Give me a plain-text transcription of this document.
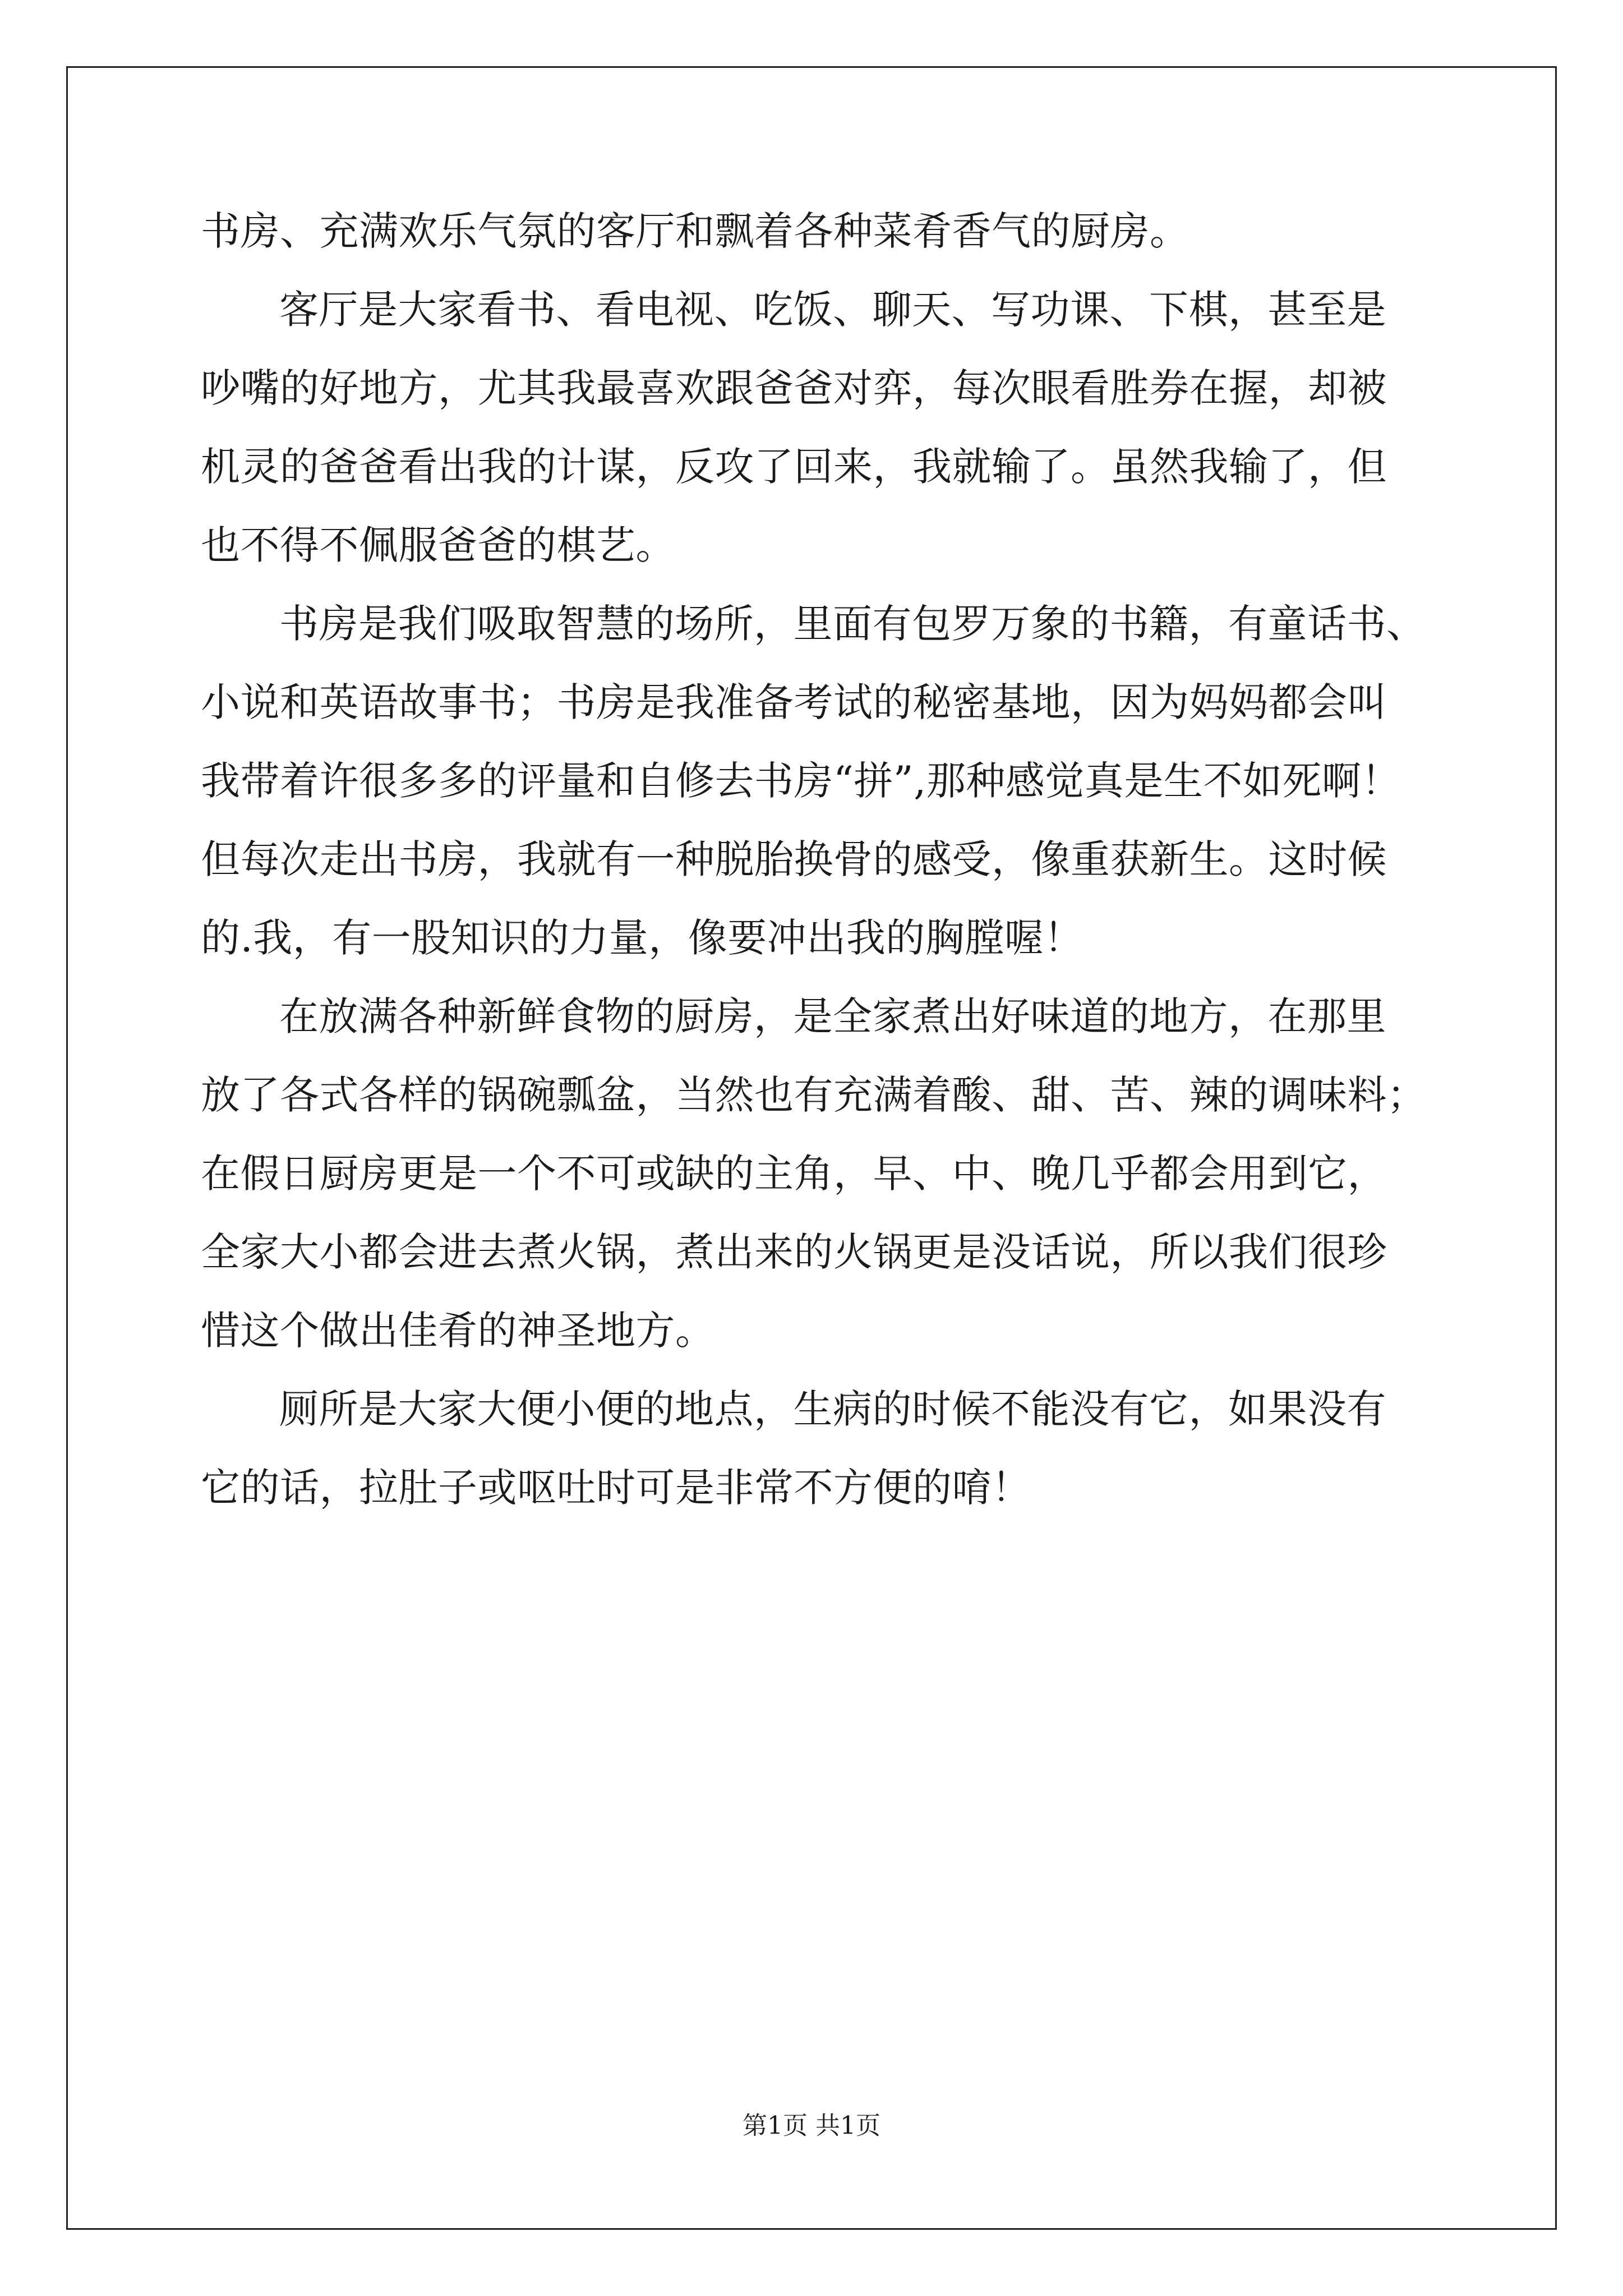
书房、充满欢乐气氛的客厅和飘着各种菜肴香气的厨房。
客厅是大家看书、看电视、吃饭、聊天、写功课、下棋，甚至是
吵嘴的好地方，尤其我最喜欢跟爸爸对弈，每次眼看胜券在握，却被
机灵的爸爸看出我的计谋，反攻了回来，我就输了。虽然我输了，但
也不得不佩服爸爸的棋艺。
书房是我们吸取智慧的场所，里面有包罗万象的书籍，有童话书、
小说和英语故事书；书房是我准备考试的秘密基地，因为妈妈都会叫
我带着许很多多的评量和自修去书房“拼”,那种感觉真是生不如死啊！
但每次走出书房，我就有一种脱胎换骨的感受，像重获新生。这时候
的.我，有一股知识的力量，像要冲出我的胸膛喔！
在放满各种新鲜食物的厨房，是全家煮出好味道的地方，在那里
放了各式各样的锅碗瓢盆，当然也有充满着酸、甜、苦、辣的调味料；
在假日厨房更是一个不可或缺的主角，早、中、晚几乎都会用到它，
全家大小都会进去煮火锅，煮出来的火锅更是没话说，所以我们很珍
惜这个做出佳肴的神圣地方。
厕所是大家大便小便的地点，生病的时候不能没有它，如果没有
它的话，拉肚子或呕吐时可是非常不方便的唷！
第1页 共1页
